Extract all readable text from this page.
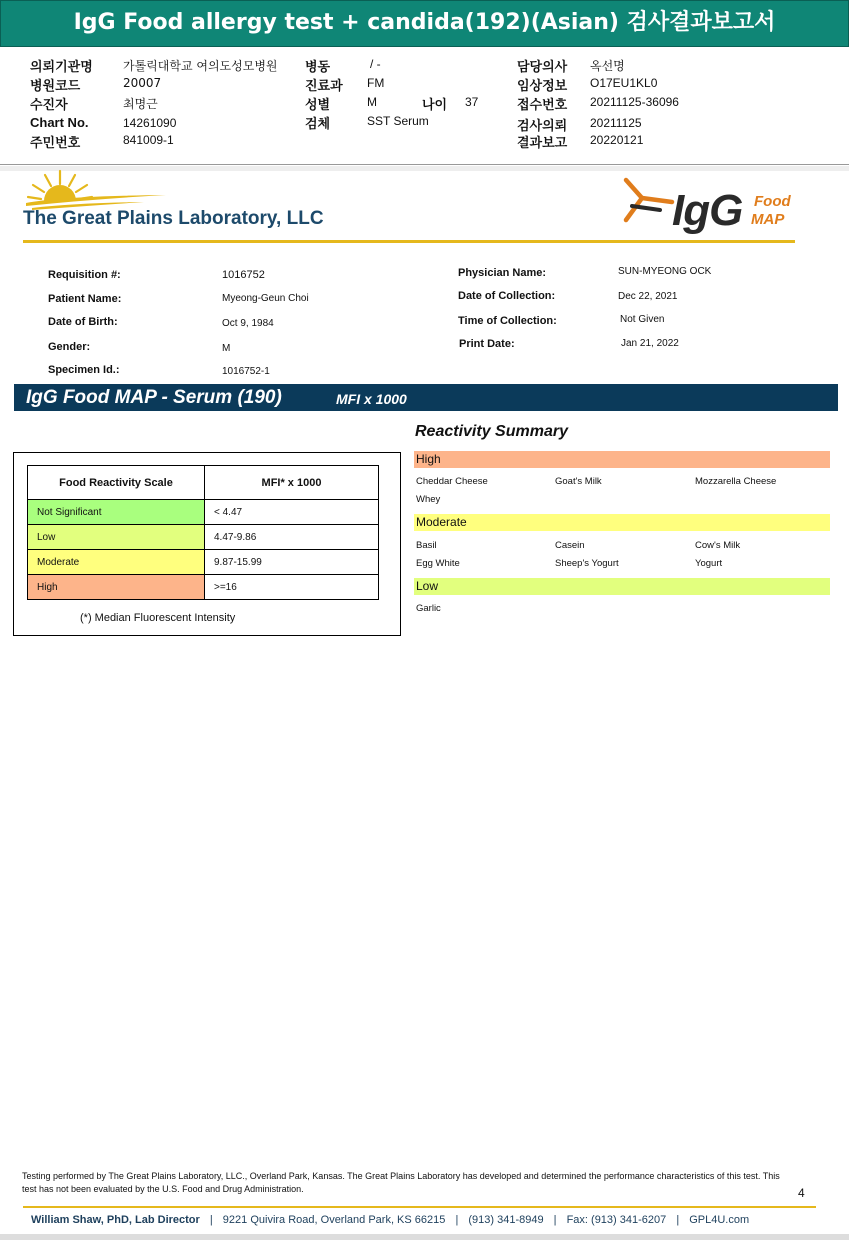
IgG Food allergy test + candida(192)(Asian) 검사결과보고서
의뢰기관명	가톨릭대학교 여의도성모병원
병원코드	20007
수진자	최명근
Chart No.	14261090
주민번호	841009-1
병동	/ -
진료과 FM
성별	M	나이 37
검체	SST Serum
담당의사 옥선명
임상정보 O17EU1KL0
접수번호 20211125-36096
검사의뢰 20211125
결과보고 20220121
The Great Plains Laboratory, LLC	IgG Food
MAP
Requisition #:	1016752
Patient Name:	Myeong-Geun Choi
Date of Birth:	Oct 9, 1984
Gender:	M
Specimen Id.:	1016752-1
Physician Name:	SUN-MYEONG OCK
Date of Collection:	Dec 22, 2021
Time of Collection:	Not Given
Print Date:	Jan 21, 2022
IgG Food MAP - Serum (190)	MFI x 1000
Food Reactivity Scale	MFI* x 1000
Not Significant	< 4.47
Low	4.47-9.86
Moderate	9.87-15.99
High	>=16
(*) Median Fluorescent Intensity
Reactivity Summary
High
Cheddar Cheese	Goat's Milk	Mozzarella Cheese
Whey
Moderate
Basil	Casein	Cow's Milk
Egg White	Sheep's Yogurt	Yogurt
Low
Garlic
Testing performed by The Great Plains Laboratory, LLC., Overland Park, Kansas. The Great Plains Laboratory has developed and determined the performance characteristics of this test. This test has not been evaluated by the U.S. Food and Drug Administration.	4
William Shaw, PhD, Lab Director | 9221 Quivira Road, Overland Park, KS 66215 | (913) 341-8949 | Fax: (913) 341-6207 | GPL4U.com
